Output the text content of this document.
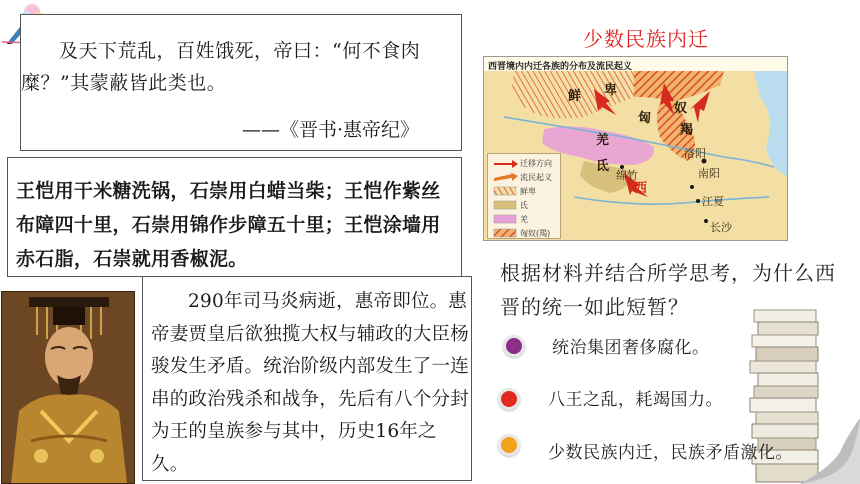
及天下荒乱，百姓饿死，帝曰：“何不食肉糜？”其蒙蔽皆此类也。
——《晋书·惠帝纪》
王恺用干米糖洗锅，石崇用白蜡当柴；王恺作紫丝布障四十里，石崇用锦作步障五十里；王恺涂墙用赤石脂，石崇就用香椒泥。
290年司马炎病逝，惠帝即位。惠帝妻贾皇后欲独揽大权与辅政的大臣杨骏发生矛盾。统治阶级内部发生了一连串的政治残杀和战争，先后有八个分封为王的皇族参与其中，历史16年之久。
少数民族内迁
西晋境内内迁各族的分布及流民起义
鲜 卑
匈
奴
羯
羌
氐
洛阳
南阳
江夏
绵竹
西
长沙
迁移方向
流民起义
鲜卑
氐
羌
匈奴(羯)
根据材料并结合所学思考，为什么西晋的统一如此短暂？
统治集团奢侈腐化。
八王之乱，耗竭国力。
少数民族内迁，民族矛盾激化。
